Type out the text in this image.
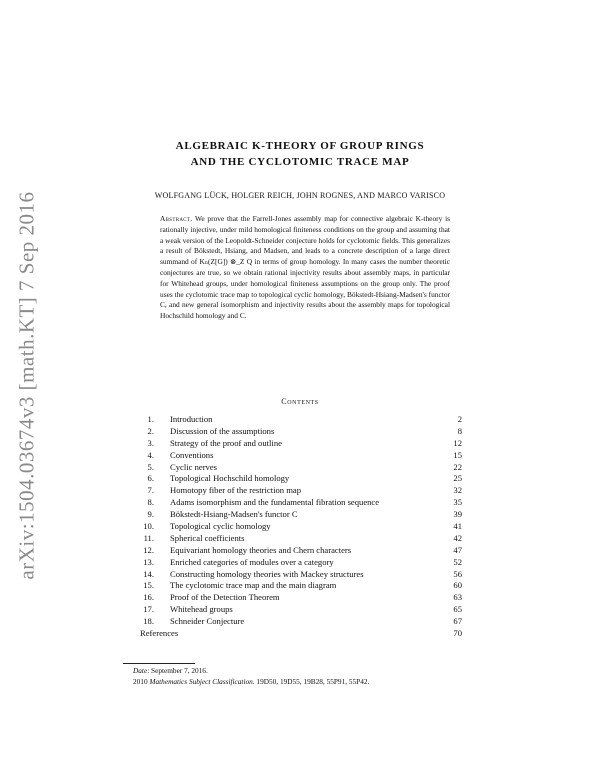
arXiv:1504.03674v3 [math.KT] 7 Sep 2016
ALGEBRAIC K-THEORY OF GROUP RINGS
AND THE CYCLOTOMIC TRACE MAP
WOLFGANG LÜCK, HOLGER REICH, JOHN ROGNES, AND MARCO VARISCO

Abstract. We prove that the Farrell-Jones assembly map for connective algebraic K-theory is rationally injective, under mild homological finiteness conditions on the group and assuming that a weak version of the Leopoldt-Schneider conjecture holds for cyclotomic fields. This generalizes a result of Bökstedt, Hsiang, and Madsen, and leads to a concrete description of a large direct summand of Kₙ(Z[G]) ⊗_Z Q in terms of group homology. In many cases the number theoretic conjectures are true, so we obtain rational injectivity results about assembly maps, in particular for Whitehead groups, under homological finiteness assumptions on the group only. The proof uses the cyclotomic trace map to topological cyclic homology, Bökstedt-Hsiang-Madsen's functor C, and new general isomorphism and injectivity results about the assembly maps for topological Hochschild homology and C.

Contents
1. Introduction	2
2. Discussion of the assumptions	8
3. Strategy of the proof and outline	12
4. Conventions	15
5. Cyclic nerves	22
6. Topological Hochschild homology	25
7. Homotopy fiber of the restriction map	32
8. Adams isomorphism and the fundamental fibration sequence	35
9. Bökstedt-Hsiang-Madsen's functor C	39
10. Topological cyclic homology	41
11. Spherical coefficients	42
12. Equivariant homology theories and Chern characters	47
13. Enriched categories of modules over a category	52
14. Constructing homology theories with Mackey structures	56
15. The cyclotomic trace map and the main diagram	60
16. Proof of the Detection Theorem	63
17. Whitehead groups	65
18. Schneider Conjecture	67
References	70
Date: September 7, 2016.
2010 Mathematics Subject Classification. 19D50, 19D55, 19B28, 55P91, 55P42.
